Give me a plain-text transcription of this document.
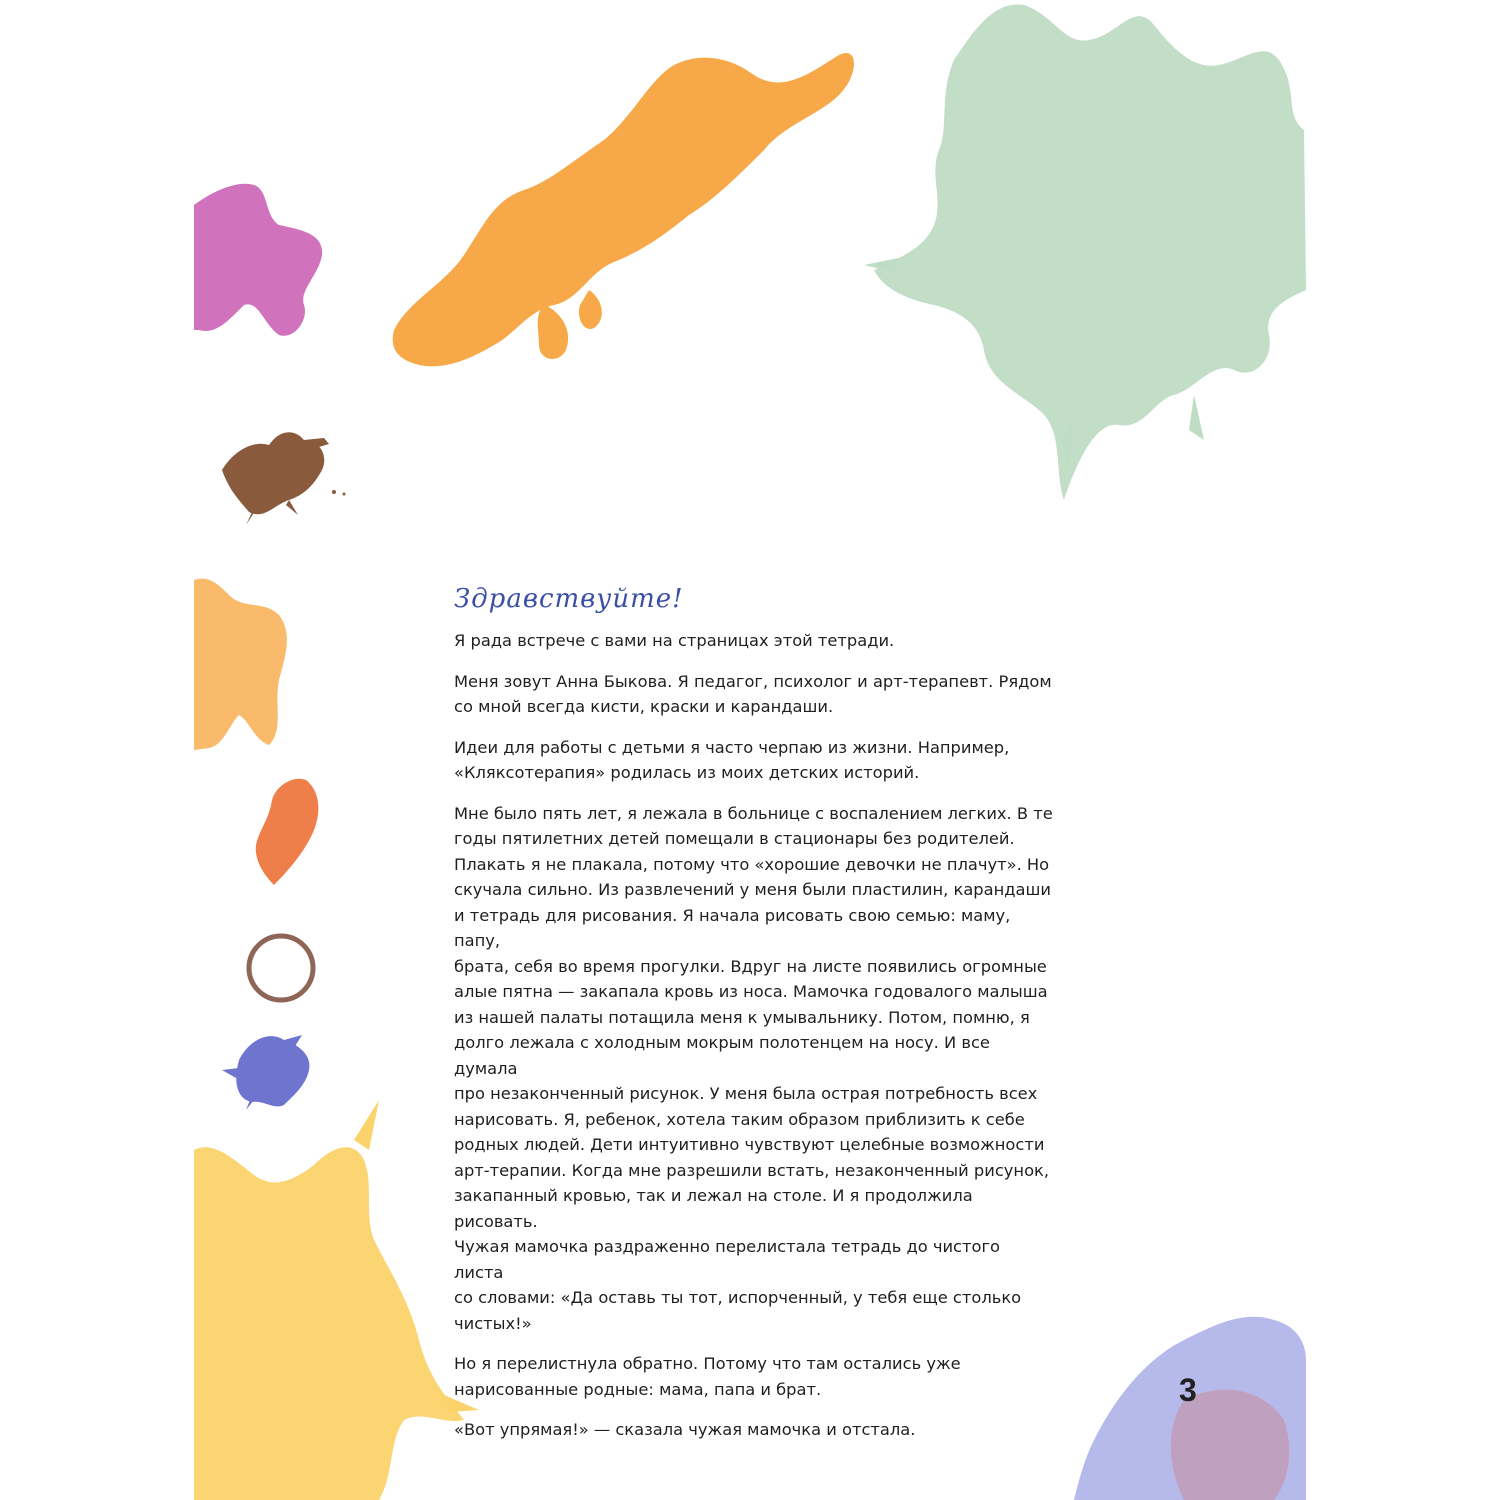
Здравствуйте!

Я рада встрече с вами на страницах этой тетради.

Меня зовут Анна Быкова. Я педагог, психолог и арт-терапевт. Рядом
со мной всегда кисти, краски и карандаши.

Идеи для работы с детьми я часто черпаю из жизни. Например,
«Кляксотерапия» родилась из моих детских историй.

Мне было пять лет, я лежала в больнице с воспалением легких. В те
годы пятилетних детей помещали в стационары без родителей.
Плакать я не плакала, потому что «хорошие девочки не плачут». Но
скучала сильно. Из развлечений у меня были пластилин, карандаши
и тетрадь для рисования. Я начала рисовать свою семью: маму, папу,
брата, себя во время прогулки. Вдруг на листе появились огромные
алые пятна — закапала кровь из носа. Мамочка годовалого малыша
из нашей палаты потащила меня к умывальнику. Потом, помню, я
долго лежала с холодным мокрым полотенцем на носу. И все думала
про незаконченный рисунок. У меня была острая потребность всех
нарисовать. Я, ребенок, хотела таким образом приблизить к себе
родных людей. Дети интуитивно чувствуют целебные возможности
арт-терапии. Когда мне разрешили встать, незаконченный рисунок,
закапанный кровью, так и лежал на столе. И я продолжила рисовать.
Чужая мамочка раздраженно перелистала тетрадь до чистого листа
со словами: «Да оставь ты тот, испорченный, у тебя еще столько
чистых!»

Но я перелистнула обратно. Потому что там остались уже
нарисованные родные: мама, папа и брат.

«Вот упрямая!» — сказала чужая мамочка и отстала.

3
